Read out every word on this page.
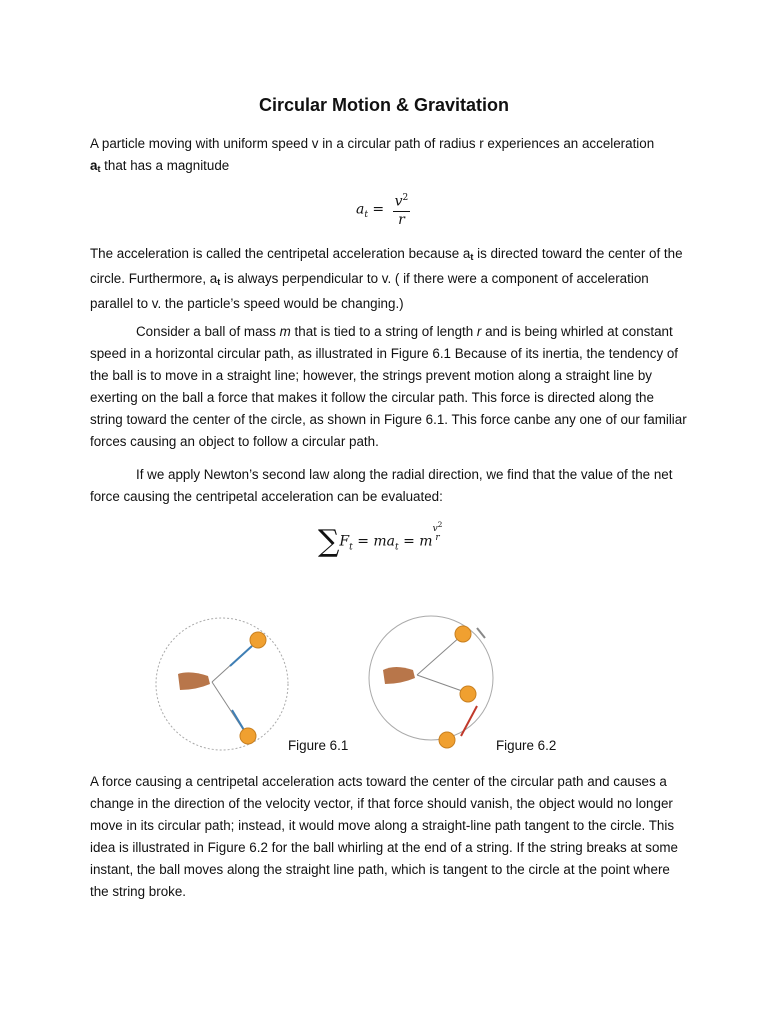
Circular Motion & Gravitation

A particle moving with uniform speed v in a circular path of radius r experiences an acceleration
$a_t$ that has a magnitude

$a_t = \frac{v^2}{r}$

The acceleration is called the centripetal acceleration because $a_t$ is directed toward the center of the circle. Furthermore, $a_t$ is always perpendicular to v. ( if there were a component of acceleration parallel to v. the particle’s speed would be changing.)

Consider a ball of mass m that is tied to a string of length r and is being whirled at constant speed in a horizontal circular path, as illustrated in Figure 6.1 Because of its inertia, the tendency of the ball is to move in a straight line; however, the strings prevent motion along a straight line by exerting on the ball a force that makes it follow the circular path. This force is directed along the string toward the center of the circle, as shown in Figure 6.1. This force canbe any one of our familiar forces causing an object to follow a circular path.

If we apply Newton’s second law along the radial direction, we find that the value of the net force causing the centripetal acceleration can be evaluated:

$\sum F_t = ma_t = m$
$v^2$
r
Figure 6.1	Figure 6.2

A force causing a centripetal acceleration acts toward the center of the circular path and causes a change in the direction of the velocity vector, if that force should vanish, the object would no longer move in its circular path; instead, it would move along a straight-line path tangent to the circle. This idea is illustrated in Figure 6.2 for the ball whirling at the end of a string. If the string breaks at some instant, the ball moves along the straight line path, which is tangent to the circle at the point where the string broke.
